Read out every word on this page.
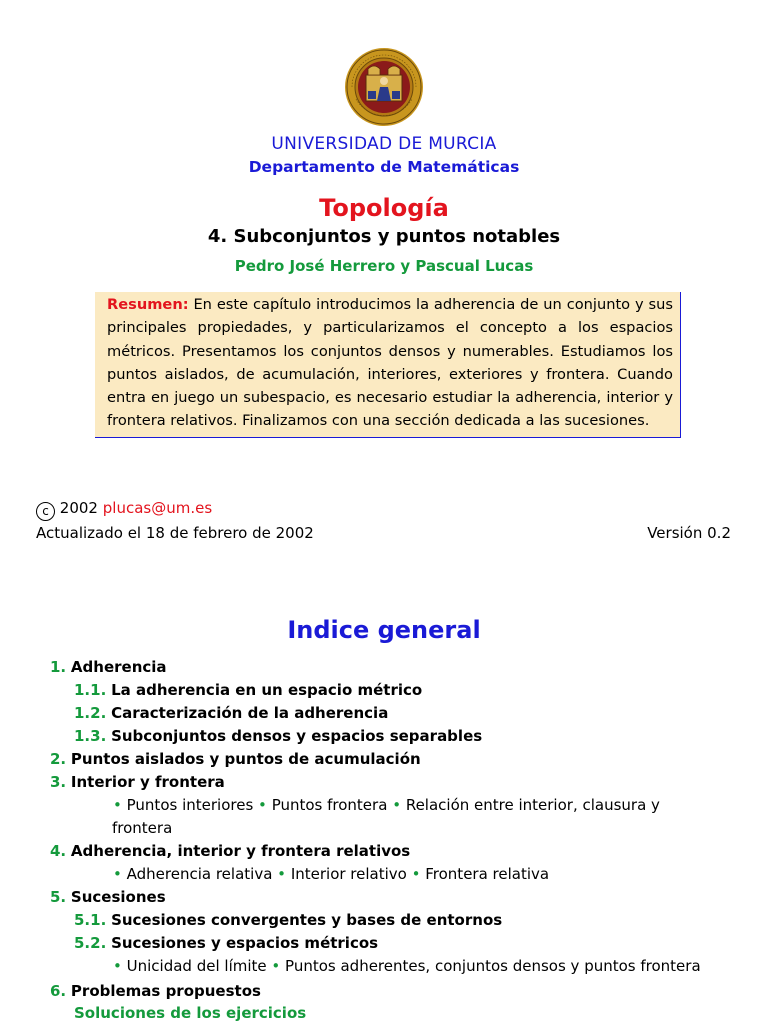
UNIVERSIDAD DE MURCIA
Departamento de Matemáticas
Topología
4. Subconjuntos y puntos notables
Pedro José Herrero y Pascual Lucas
Resumen: En este capítulo introducimos la adherencia de un conjunto y sus principales propiedades, y particularizamos el concepto a los espacios métricos. Presentamos los conjuntos densos y numerables. Estudiamos los puntos aislados, de acumulación, interiores, exteriores y frontera. Cuando entra en juego un subespacio, es necesario estudiar la adherencia, interior y frontera relativos. Finalizamos con una sección dedicada a las sucesiones.
c 2002 plucas@um.es
Actualizado el 18 de febrero de 2002	Versión 0.2
Indice general
1. Adherencia
1.1. La adherencia en un espacio métrico
1.2. Caracterización de la adherencia
1.3. Subconjuntos densos y espacios separables
2. Puntos aislados y puntos de acumulación
3. Interior y frontera
• Puntos interiores • Puntos frontera • Relación entre interior, clausura y
frontera
4. Adherencia, interior y frontera relativos
• Adherencia relativa • Interior relativo • Frontera relativa
5. Sucesiones
5.1. Sucesiones convergentes y bases de entornos
5.2. Sucesiones y espacios métricos
• Unicidad del límite • Puntos adherentes, conjuntos densos y puntos frontera
6. Problemas propuestos
Soluciones de los ejercicios
